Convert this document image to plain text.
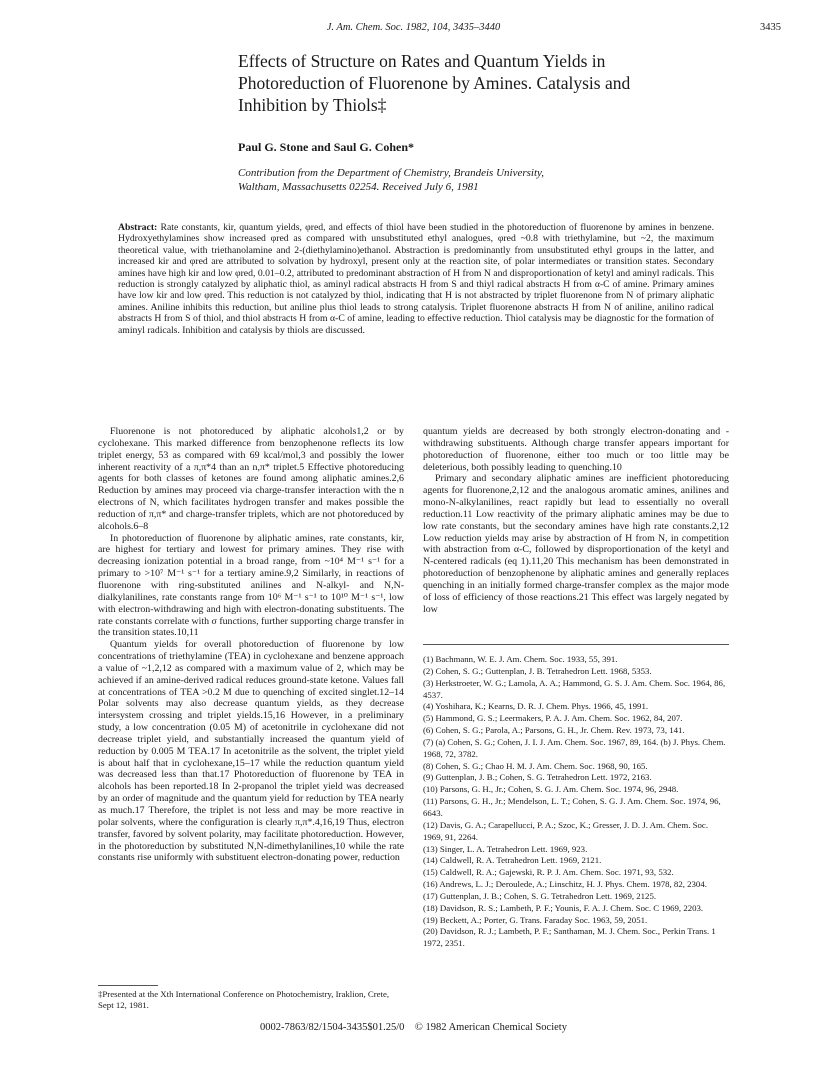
J. Am. Chem. Soc. 1982, 104, 3435–3440	3435
Effects of Structure on Rates and Quantum Yields in Photoreduction of Fluorenone by Amines. Catalysis and Inhibition by Thiols‡
Paul G. Stone and Saul G. Cohen*
Contribution from the Department of Chemistry, Brandeis University,
Waltham, Massachusetts 02254. Received July 6, 1981
Abstract: Rate constants, kir, quantum yields, φred, and effects of thiol have been studied in the photoreduction of fluorenone by amines in benzene. Hydroxyethylamines show increased φred as compared with unsubstituted ethyl analogues, φred ~0.8 with triethylamine, but ~2, the maximum theoretical value, with triethanolamine and 2-(diethylamino)ethanol. Abstraction is predominantly from unsubstituted ethyl groups in the latter, and increased kir and φred are attributed to solvation by hydroxyl, present only at the reaction site, of polar intermediates or transition states. Secondary amines have high kir and low φred, 0.01–0.2, attributed to predominant abstraction of H from N and disproportionation of ketyl and aminyl radicals. This reduction is strongly catalyzed by aliphatic thiol, as aminyl radical abstracts H from S and thiyl radical abstracts H from α-C of amine. Primary amines have low kir and low φred. This reduction is not catalyzed by thiol, indicating that H is not abstracted by triplet fluorenone from N of primary aliphatic amines. Aniline inhibits this reduction, but aniline plus thiol leads to strong catalysis. Triplet fluorenone abstracts H from N of aniline, anilino radical abstracts H from S of thiol, and thiol abstracts H from α-C of amine, leading to effective reduction. Thiol catalysis may be diagnostic for the formation of aminyl radicals. Inhibition and catalysis by thiols are discussed.

Fluorenone is not photoreduced by aliphatic alcohols1,2 or by cyclohexane. This marked difference from benzophenone reflects its low triplet energy, 53 as compared with 69 kcal/mol,3 and possibly the lower inherent reactivity of a π,π*4 than an n,π* triplet.5 Effective photoreducing agents for both classes of ketones are found among aliphatic amines.2,6 Reduction by amines may proceed via charge-transfer interaction with the n electrons of N, which facilitates hydrogen transfer and makes possible the reduction of π,π* and charge-transfer triplets, which are not photoreduced by alcohols.6–8

In photoreduction of fluorenone by aliphatic amines, rate constants, kir, are highest for tertiary and lowest for primary amines. They rise with decreasing ionization potential in a broad range, from ~10⁴ M⁻¹ s⁻¹ for a primary to >10⁷ M⁻¹ s⁻¹ for a tertiary amine.9,2 Similarly, in reactions of fluorenone with ring-substituted anilines and N-alkyl- and N,N-dialkylanilines, rate constants range from 10⁶ M⁻¹ s⁻¹ to 10¹⁰ M⁻¹ s⁻¹, low with electron-withdrawing and high with electron-donating substituents. The rate constants correlate with σ functions, further supporting charge transfer in the transition states.10,11

Quantum yields for overall photoreduction of fluorenone by low concentrations of triethylamine (TEA) in cyclohexane and benzene approach a value of ~1,2,12 as compared with a maximum value of 2, which may be achieved if an amine-derived radical reduces ground-state ketone. Values fall at concentrations of TEA >0.2 M due to quenching of excited singlet.12–14 Polar solvents may also decrease quantum yields, as they decrease intersystem crossing and triplet yields.15,16 However, in a preliminary study, a low concentration (0.05 M) of acetonitrile in cyclohexane did not decrease triplet yield, and substantially increased the quantum yield of reduction by 0.005 M TEA.17 In acetonitrile as the solvent, the triplet yield is about half that in cyclohexane,15–17 while the reduction quantum yield was decreased less than that.17 Photoreduction of fluorenone by TEA in alcohols has been reported.18 In 2-propanol the triplet yield was decreased by an order of magnitude and the quantum yield for reduction by TEA nearly as much.17 Therefore, the triplet is not less and may be more reactive in polar solvents, where the configuration is clearly π,π*.4,16,19 Thus, electron transfer, favored by solvent polarity, may facilitate photoreduction. However, in the photoreduction by substituted N,N-dimethylanilines,10 while the rate constants rise uniformly with substituent electron-donating power, reduction

quantum yields are decreased by both strongly electron-donating and -withdrawing substituents. Although charge transfer appears important for photoreduction of fluorenone, either too much or too little may be deleterious, both possibly leading to quenching.10

Primary and secondary aliphatic amines are inefficient photoreducing agents for fluorenone,2,12 and the analogous aromatic amines, anilines and mono-N-alkylanilines, react rapidly but lead to essentially no overall reduction.11 Low reactivity of the primary aliphatic amines may be due to low rate constants, but the secondary amines have high rate constants.2,12 Low reduction yields may arise by abstraction of H from N, in competition with abstraction from α-C, followed by disproportionation of the ketyl and N-centered radicals (eq 1).11,20 This mechanism has been demonstrated in photoreduction of benzophenone by aliphatic amines and generally replaces quenching in an initially formed charge-transfer complex as the major mode of loss of efficiency of those reactions.21 This effect was largely negated by low

(1) Bachmann, W. E. J. Am. Chem. Soc. 1933, 55, 391.
(2) Cohen, S. G.; Guttenplan, J. B. Tetrahedron Lett. 1968, 5353.
(3) Herkstroeter, W. G.; Lamola, A. A.; Hammond, G. S. J. Am. Chem. Soc. 1964, 86, 4537.
(4) Yoshihara, K.; Kearns, D. R. J. Chem. Phys. 1966, 45, 1991.
(5) Hammond, G. S.; Leermakers, P. A. J. Am. Chem. Soc. 1962, 84, 207.
(6) Cohen, S. G.; Parola, A.; Parsons, G. H., Jr. Chem. Rev. 1973, 73, 141.
(7) (a) Cohen, S. G.; Cohen, J. I. J. Am. Chem. Soc. 1967, 89, 164. (b) J. Phys. Chem. 1968, 72, 3782.
(8) Cohen, S. G.; Chao H. M. J. Am. Chem. Soc. 1968, 90, 165.
(9) Guttenplan, J. B.; Cohen, S. G. Tetrahedron Lett. 1972, 2163.
(10) Parsons, G. H., Jr.; Cohen, S. G. J. Am. Chem. Soc. 1974, 96, 2948.
(11) Parsons, G. H., Jr.; Mendelson, L. T.; Cohen, S. G. J. Am. Chem. Soc. 1974, 96, 6643.
(12) Davis, G. A.; Carapellucci, P. A.; Szoc, K.; Gresser, J. D. J. Am. Chem. Soc. 1969, 91, 2264.
(13) Singer, L. A. Tetrahedron Lett. 1969, 923.
(14) Caldwell, R. A. Tetrahedron Lett. 1969, 2121.
(15) Caldwell, R. A.; Gajewski, R. P. J. Am. Chem. Soc. 1971, 93, 532.
(16) Andrews, L. J.; Deroulede, A.; Linschitz, H. J. Phys. Chem. 1978, 82, 2304.
(17) Guttenplan, J. B.; Cohen, S. G. Tetrahedron Lett. 1969, 2125.
(18) Davidson, R. S.; Lambeth, P. F.; Younis, F. A. J. Chem. Soc. C 1969, 2203.
(19) Beckett, A.; Porter, G. Trans. Faraday Soc. 1963, 59, 2051.
(20) Davidson, R. J.; Lambeth, P. F.; Santhaman, M. J. Chem. Soc., Perkin Trans. 1 1972, 2351.
‡Presented at the Xth International Conference on Photochemistry, Iraklion, Crete, Sept 12, 1981.
0002-7863/82/1504-3435$01.25/0 © 1982 American Chemical Society
